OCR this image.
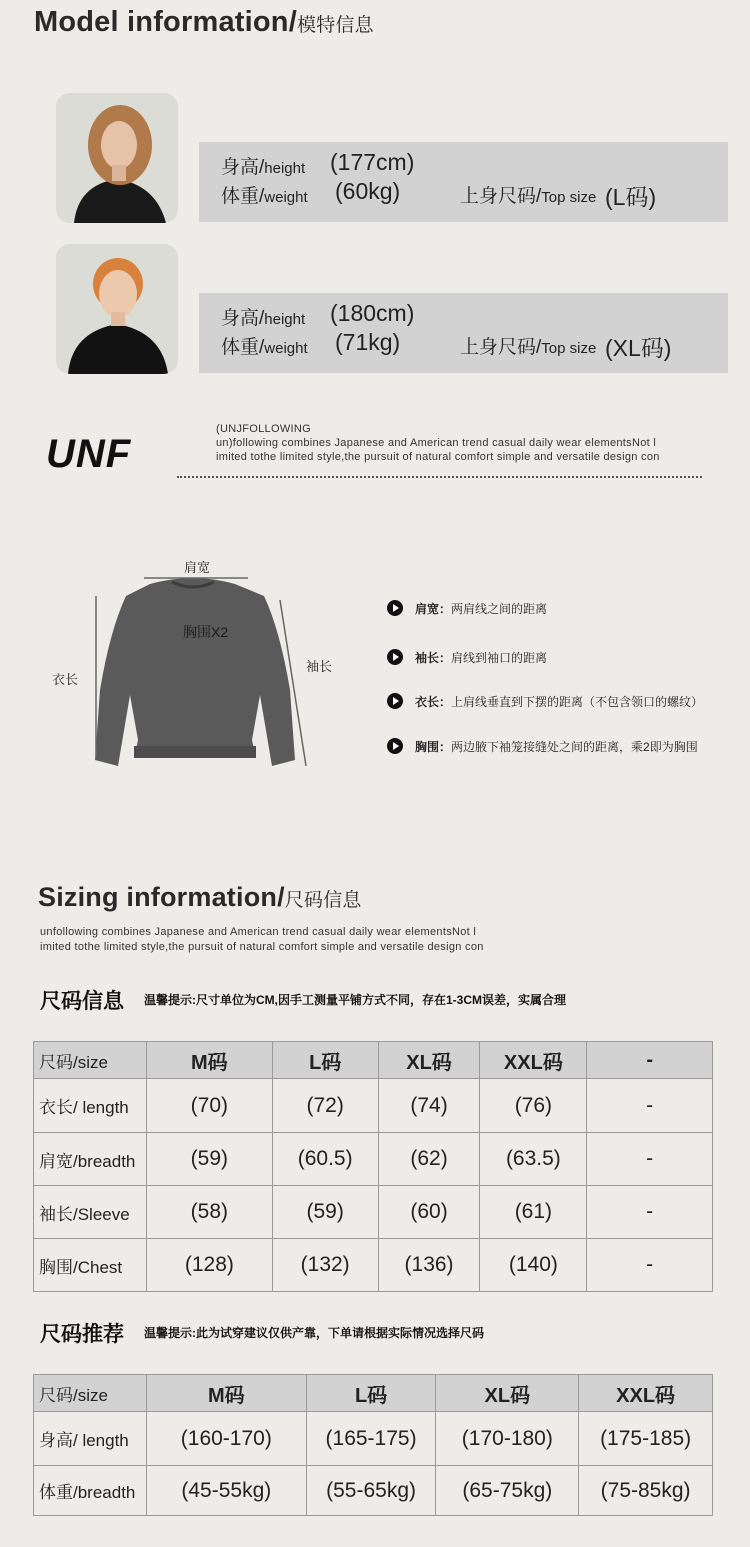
Model information/模特信息
身高/height (177cm)
体重/weight (60kg)	上身尺码/Top size (L码)
身高/height (180cm)
体重/weight (71kg)	上身尺码/Top size (XL码)
UNF
(UNJFOLLOWING
un)following combines Japanese and American trend casual daily wear elementsNot l
imited tothe limited style,the pursuit of natural comfort simple and versatile design con
肩宽
胸围X2
衣长
袖长
肩宽：两肩线之间的距离
袖长：肩线到袖口的距离
衣长：上肩线垂直到下摆的距离（不包含领口的螺纹）
胸围：两边腋下袖笼接缝处之间的距离，乘2即为胸围
Sizing information/尺码信息
unfollowing combines Japanese and American trend casual daily wear elementsNot l
imited tothe limited style,the pursuit of natural comfort simple and versatile design con
尺码信息 温馨提示:尺寸单位为CM,因手工测量平铺方式不同，存在1-3CM误差，实属合理
尺码/size	M码	L码	XL码	XXL码	-
衣长/ length	(70)	(72)	(74)	(76)	-
肩宽/breadth	(59)	(60.5)	(62)	(63.5)	-
袖长/Sleeve	(58)	(59)	(60)	(61)	-
胸围/Chest	(128)	(132)	(136)	(140)	-
尺码推荐 温馨提示:此为试穿建议仅供产靠，下单请根据实际情况选择尺码
尺码/size	M码	L码	XL码	XXL码
身高/ length	(160-170)	(165-175)	(170-180)	(175-185)
体重/breadth	(45-55kg)	(55-65kg)	(65-75kg)	(75-85kg)
